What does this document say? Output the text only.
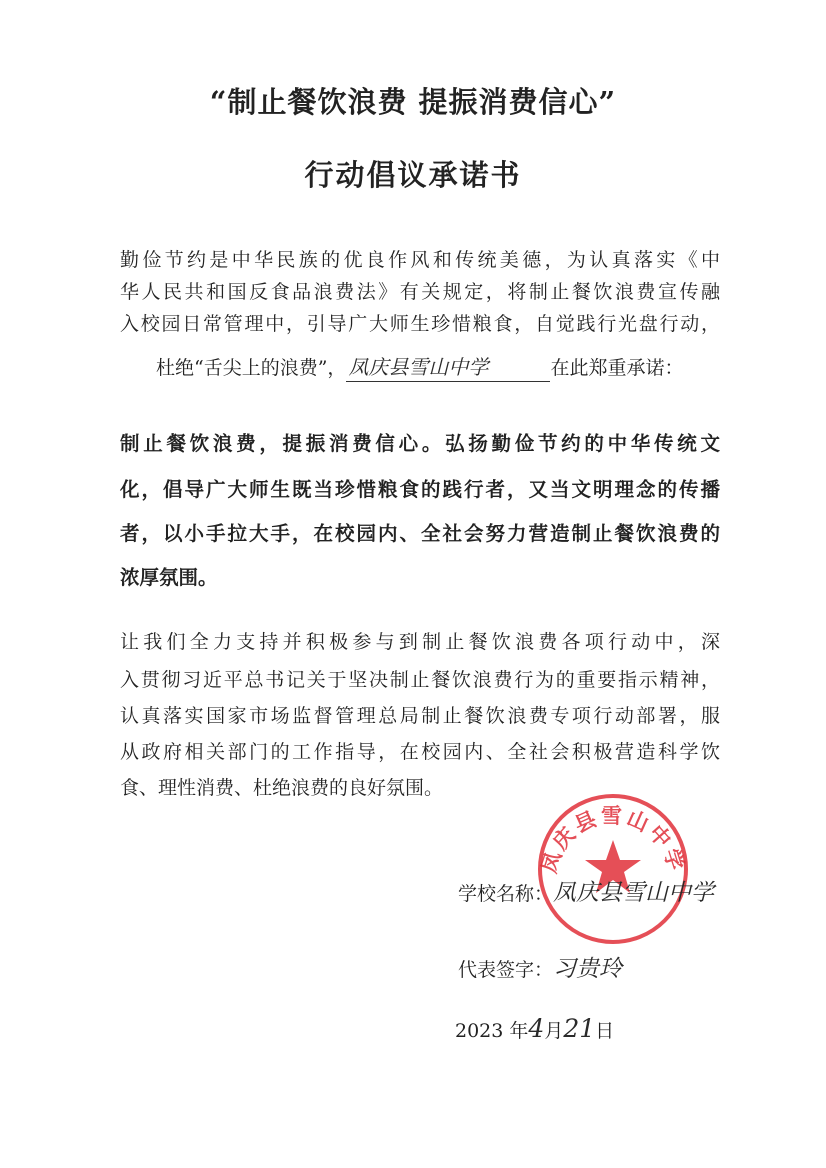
“制止餐饮浪费 提振消费信心”
行动倡议承诺书
勤俭节约是中华民族的优良作风和传统美德，为认真落实《中
华人民共和国反食品浪费法》有关规定，将制止餐饮浪费宣传融
入校园日常管理中，引导广大师生珍惜粮食，自觉践行光盘行动，
杜绝“舌尖上的浪费”， 凤庆县雪山中学	在此郑重承诺：
制止餐饮浪费，提振消费信心。弘扬勤俭节约的中华传统文
化，倡导广大师生既当珍惜粮食的践行者，又当文明理念的传播
者，以小手拉大手，在校园内、全社会努力营造制止餐饮浪费的
浓厚氛围。
让我们全力支持并积极参与到制止餐饮浪费各项行动中，深
入贯彻习近平总书记关于坚决制止餐饮浪费行为的重要指示精神，
认真落实国家市场监督管理总局制止餐饮浪费专项行动部署，服
从政府相关部门的工作指导，在校园内、全社会积极营造科学饮
食、理性消费、杜绝浪费的良好氛围。
凤庆县雪山中学
学校名称：凤庆县雪山中学
代表签字：习贵玲
2023 年4月21日
